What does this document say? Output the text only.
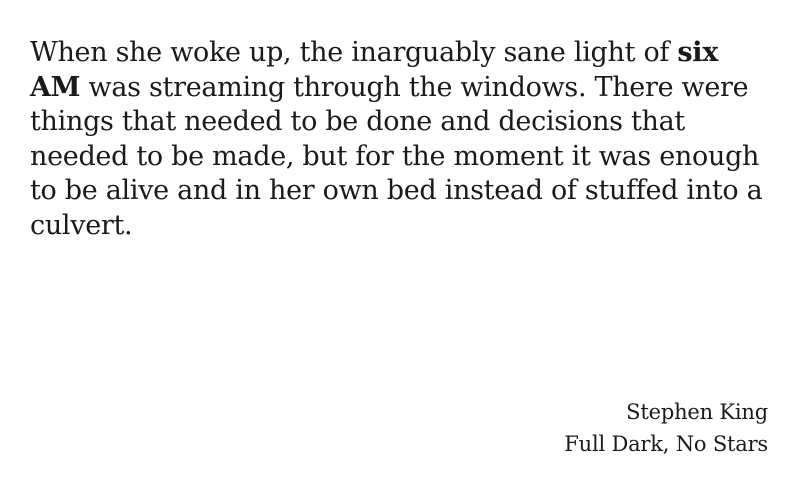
When she woke up, the inarguably sane light of six AM was streaming through the windows. There were things that needed to be done and decisions that needed to be made, but for the moment it was enough to be alive and in her own bed instead of stuffed into a culvert.

Stephen King
Full Dark, No Stars
